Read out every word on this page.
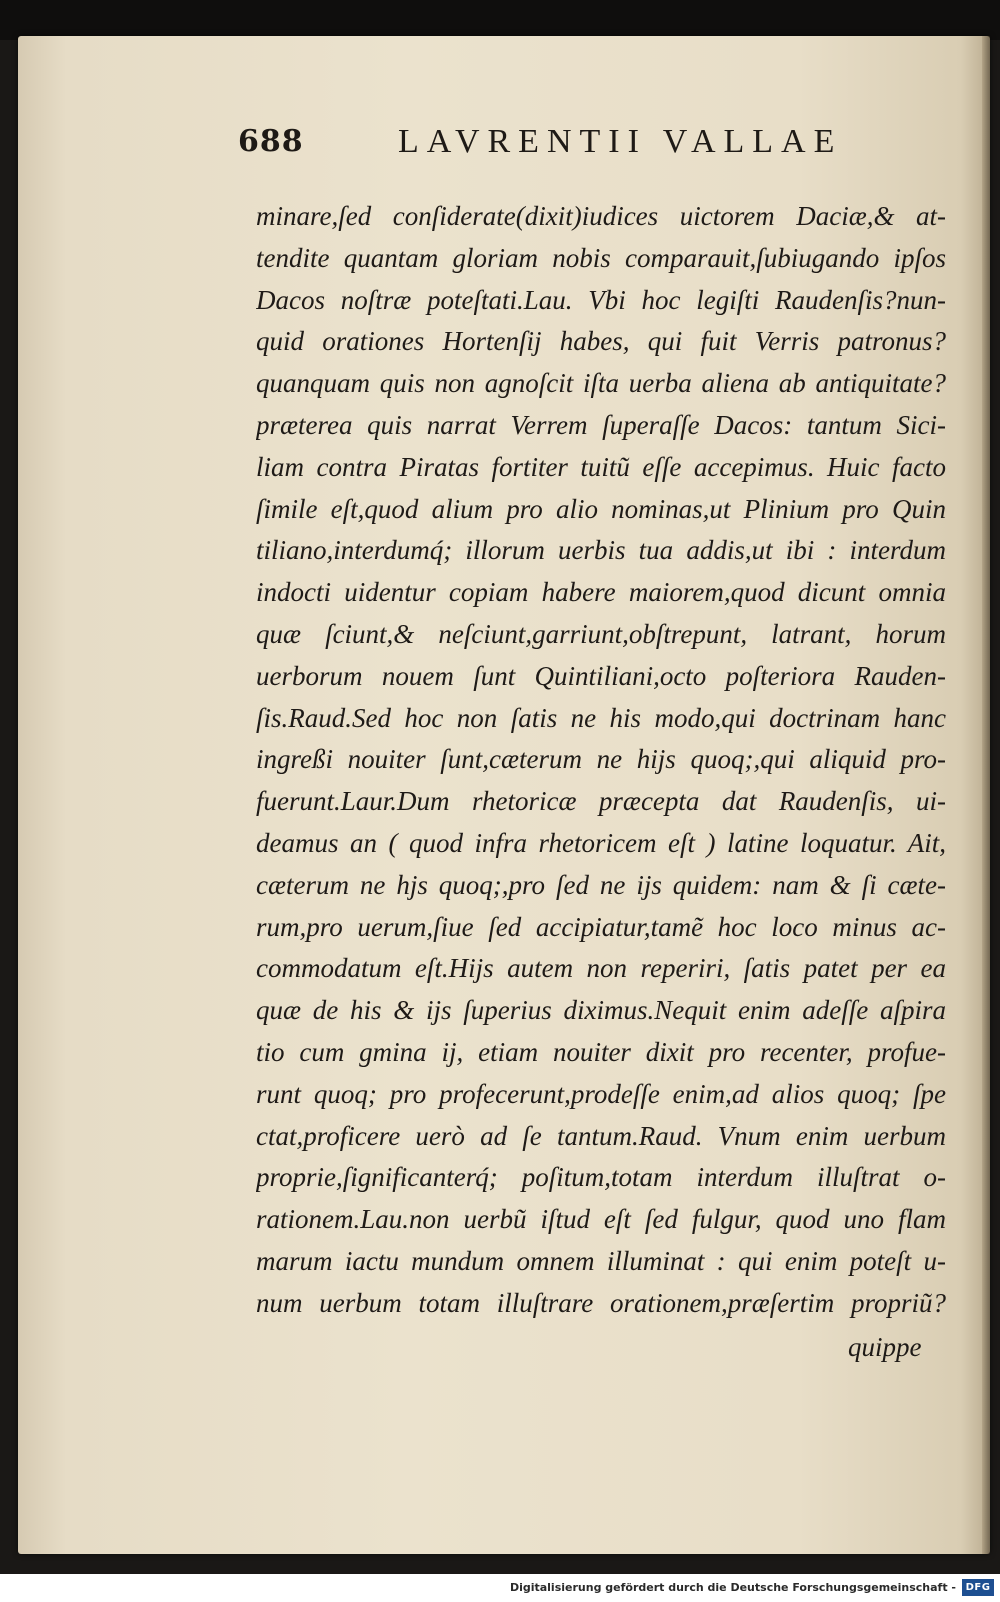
688	LAVRENTII VALLAE
minare,ſed conſiderate(dixit)iudices uictorem Daciæ,& at-
tendite quantam gloriam nobis comparauit,ſubiugando ipſos
Dacos noſtræ poteſtati.Lau. Vbi hoc legiſti Raudenſis?nun-
quid orationes Hortenſij habes, qui fuit Verris patronus?
quanquam quis non agnoſcit iſta uerba aliena ab antiquitate?
præterea quis narrat Verrem ſuperaſſe Dacos: tantum Sici-
liam contra Piratas fortiter tuitũ eſſe accepimus. Huic facto
ſimile eſt,quod alium pro alio nominas,ut Plinium pro Quin
tiliano,interdumq́; illorum uerbis tua addis,ut ibi : interdum
indocti uidentur copiam habere maiorem,quod dicunt omnia
quæ ſciunt,& neſciunt,garriunt,obſtrepunt, latrant, horum
uerborum nouem ſunt Quintiliani,octo poſteriora Rauden-
ſis.Raud.Sed hoc non ſatis ne his modo,qui doctrinam hanc
ingreßi nouiter ſunt,cæterum ne hijs quoq;,qui aliquid pro-
fuerunt.Laur.Dum rhetoricæ præcepta dat Raudenſis, ui-
deamus an ( quod infra rhetoricem eſt ) latine loquatur. Ait,
cæterum ne hjs quoq;,pro ſed ne ijs quidem: nam & ſi cæte-
rum,pro uerum,ſiue ſed accipiatur,tamẽ hoc loco minus ac-
commodatum eſt.Hijs autem non reperiri, ſatis patet per ea
quæ de his & ijs ſuperius diximus.Nequit enim adeſſe aſpira
tio cum gmina ij, etiam nouiter dixit pro recenter, profue-
runt quoq; pro profecerunt,prodeſſe enim,ad alios quoq; ſpe
ctat,proficere uerò ad ſe tantum.Raud. Vnum enim uerbum
proprie,ſignificanterq́; poſitum,totam interdum illuſtrat o-
rationem.Lau.non uerbũ iſtud eſt ſed fulgur, quod uno flam
marum iactu mundum omnem illuminat : qui enim poteſt u-
num uerbum totam illuſtrare orationem,præſertim propriũ?
quippe
Digitalisierung gefördert durch die Deutsche Forschungsgemeinschaft - DFG
